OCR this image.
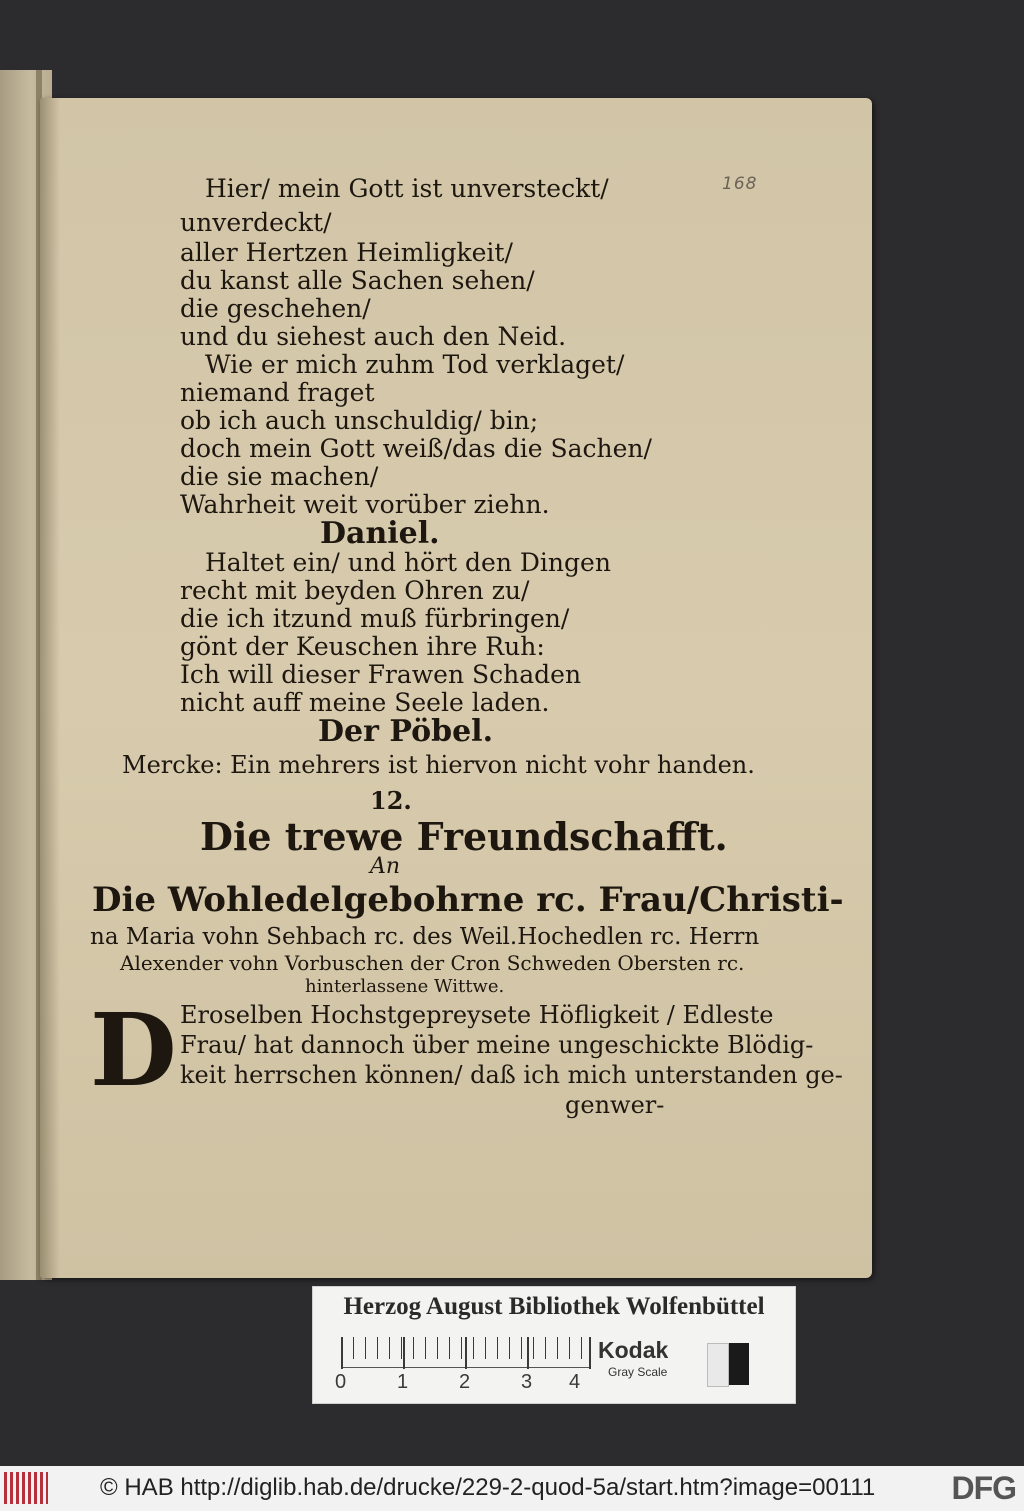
168
Hier/ mein Gott ist unversteckt/
unverdeckt/
aller Hertzen Heimligkeit/
du kanst alle Sachen sehen/
die geschehen/
und du siehest auch den Neid.
Wie er mich zuhm Tod verklaget/
niemand fraget
ob ich auch unschuldig/ bin;
doch mein Gott weiß/das die Sachen/
die sie machen/
Wahrheit weit vorüber ziehn.
Daniel.
Haltet ein/ und hört den Dingen
recht mit beyden Ohren zu/
die ich itzund muß fürbringen/
gönt der Keuschen ihre Ruh:
Ich will dieser Frawen Schaden
nicht auff meine Seele laden.
Der Pöbel.
Mercke: Ein mehrers ist hiervon nicht vohr handen.
12.
Die trewe Freundschafft.
An
Die Wohledelgebohrne rc. Frau/Christi-
na Maria vohn Sehbach rc. des Weil.Hochedlen rc. Herrn
Alexender vohn Vorbuschen der Cron Schweden Obersten rc.
hinterlassene Wittwe.
D Eroselben Hochstgepreysete Höfligkeit / Edleste
Frau/ hat dannoch über meine ungeschickte Blödig-
keit herrschen können/ daß ich mich unterstanden ge-
genwer-
Herzog August Bibliothek Wolfenbüttel
0	1	2	3 4
Kodak
Gray Scale
© HAB http://diglib.hab.de/drucke/229-2-quod-5a/start.htm?image=00111 DFG
